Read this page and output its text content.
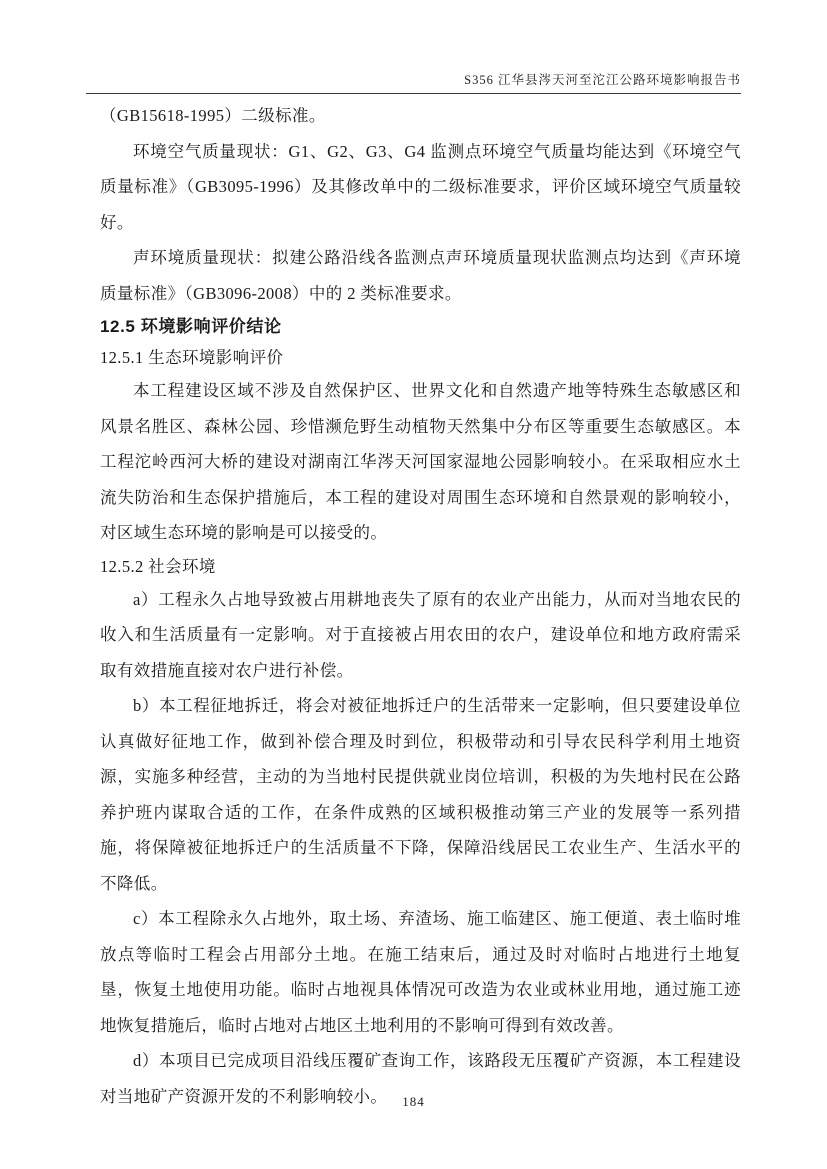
S356 江华县涔天河至沱江公路环境影响报告书

（GB15618-1995）二级标准。

环境空气质量现状：G1、G2、G3、G4 监测点环境空气质量均能达到《环境空气质量标准》（GB3095-1996）及其修改单中的二级标准要求，评价区域环境空气质量较好。

声环境质量现状：拟建公路沿线各监测点声环境质量现状监测点均达到《声环境质量标准》（GB3096-2008）中的 2 类标准要求。

12.5 环境影响评价结论

12.5.1 生态环境影响评价

本工程建设区域不涉及自然保护区、世界文化和自然遗产地等特殊生态敏感区和风景名胜区、森林公园、珍惜濒危野生动植物天然集中分布区等重要生态敏感区。本工程沱岭西河大桥的建设对湖南江华涔天河国家湿地公园影响较小。在采取相应水土流失防治和生态保护措施后，本工程的建设对周围生态环境和自然景观的影响较小，对区域生态环境的影响是可以接受的。

12.5.2 社会环境

a）工程永久占地导致被占用耕地丧失了原有的农业产出能力，从而对当地农民的收入和生活质量有一定影响。对于直接被占用农田的农户，建设单位和地方政府需采取有效措施直接对农户进行补偿。

b）本工程征地拆迁，将会对被征地拆迁户的生活带来一定影响，但只要建设单位认真做好征地工作，做到补偿合理及时到位，积极带动和引导农民科学利用土地资源，实施多种经营，主动的为当地村民提供就业岗位培训，积极的为失地村民在公路养护班内谋取合适的工作，在条件成熟的区域积极推动第三产业的发展等一系列措施，将保障被征地拆迁户的生活质量不下降，保障沿线居民工农业生产、生活水平的不降低。

c）本工程除永久占地外，取土场、弃渣场、施工临建区、施工便道、表土临时堆放点等临时工程会占用部分土地。在施工结束后，通过及时对临时占地进行土地复垦，恢复土地使用功能。临时占地视具体情况可改造为农业或林业用地，通过施工迹地恢复措施后，临时占地对占地区土地利用的不影响可得到有效改善。

d）本项目已完成项目沿线压覆矿查询工作，该路段无压覆矿产资源，本工程建设对当地矿产资源开发的不利影响较小。	184
